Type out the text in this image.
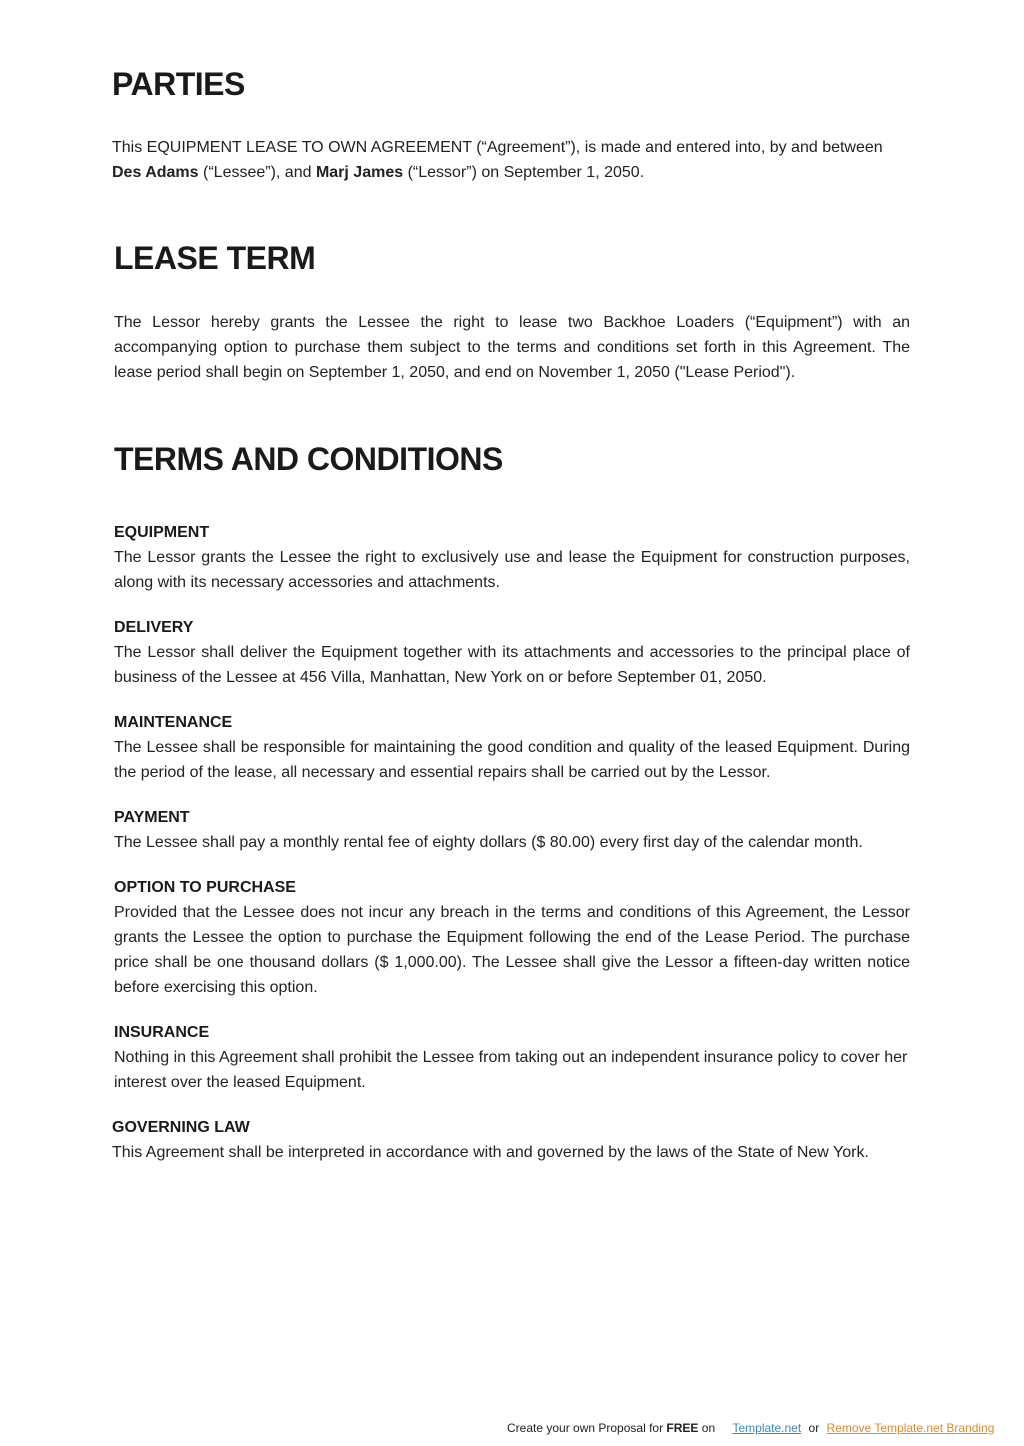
PARTIES

This EQUIPMENT LEASE TO OWN AGREEMENT (“Agreement”), is made and entered into, by and between Des Adams (“Lessee”), and Marj James (“Lessor”) on September 1, 2050.

LEASE TERM

The Lessor hereby grants the Lessee the right to lease two Backhoe Loaders (“Equipment”) with an accompanying option to purchase them subject to the terms and conditions set forth in this Agreement. The lease period shall begin on September 1, 2050, and end on November 1, 2050 ("Lease Period").

TERMS AND CONDITIONS
EQUIPMENT

The Lessor grants the Lessee the right to exclusively use and lease the Equipment for construction purposes, along with its necessary accessories and attachments.

DELIVERY

The Lessor shall deliver the Equipment together with its attachments and accessories to the principal place of business of the Lessee at 456 Villa, Manhattan, New York on or before September 01, 2050.

MAINTENANCE

The Lessee shall be responsible for maintaining the good condition and quality of the leased Equipment. During the period of the lease, all necessary and essential repairs shall be carried out by the Lessor.

PAYMENT

The Lessee shall pay a monthly rental fee of eighty dollars ($ 80.00) every first day of the calendar month.

OPTION TO PURCHASE

Provided that the Lessee does not incur any breach in the terms and conditions of this Agreement, the Lessor grants the Lessee the option to purchase the Equipment following the end of the Lease Period. The purchase price shall be one thousand dollars ($ 1,000.00). The Lessee shall give the Lessor a fifteen-day written notice before exercising this option.

INSURANCE

Nothing in this Agreement shall prohibit the Lessee from taking out an independent insurance policy to cover her interest over the leased Equipment.

GOVERNING LAW

This Agreement shall be interpreted in accordance with and governed by the laws of the State of New York.

Create your own Proposal for FREE on Template.net or Remove Template.net Branding
